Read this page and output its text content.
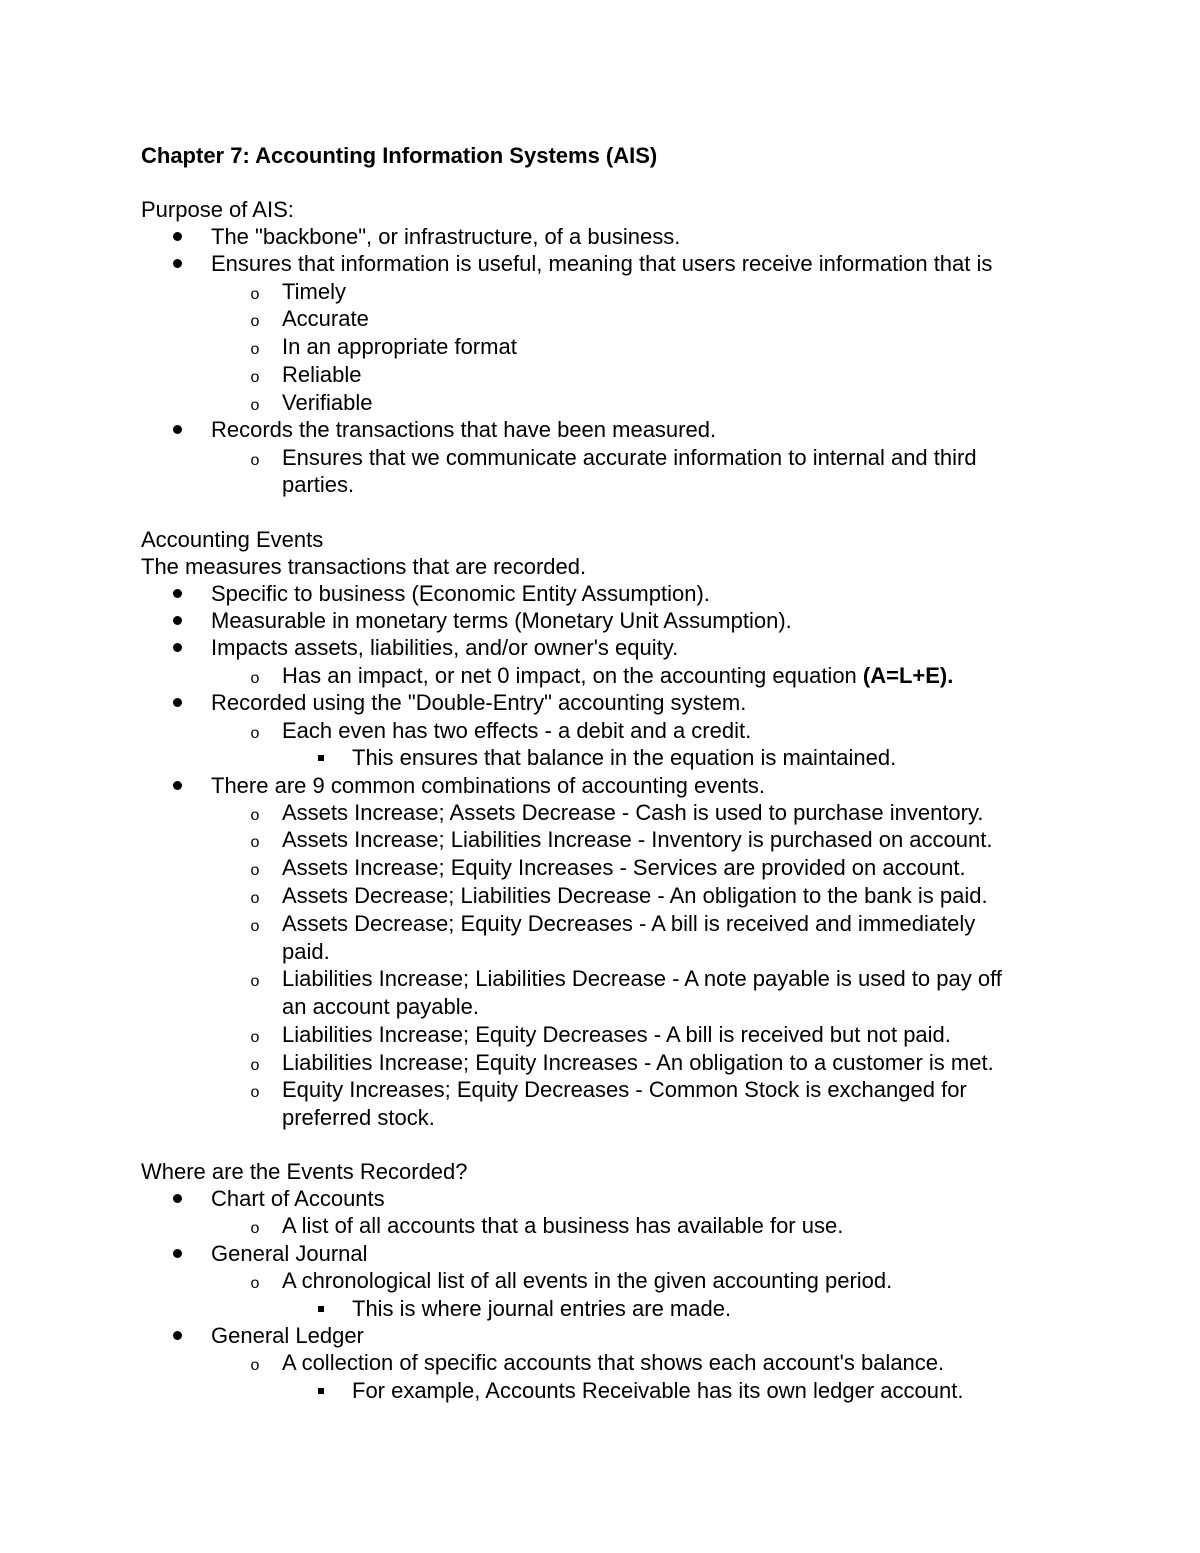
Chapter 7: Accounting Information Systems (AIS)
Purpose of AIS:
The "backbone", or infrastructure, of a business.
Ensures that information is useful, meaning that users receive information that is
o Timely
o Accurate
o In an appropriate format
o Reliable
o Verifiable
Records the transactions that have been measured.
o Ensures that we communicate accurate information to internal and third
parties.
Accounting Events
The measures transactions that are recorded.
Specific to business (Economic Entity Assumption).
Measurable in monetary terms (Monetary Unit Assumption).
Impacts assets, liabilities, and/or owner's equity.
o Has an impact, or net 0 impact, on the accounting equation (A=L+E).
Recorded using the "Double-Entry" accounting system.
o Each even has two effects - a debit and a credit.
This ensures that balance in the equation is maintained.
There are 9 common combinations of accounting events.
o Assets Increase; Assets Decrease - Cash is used to purchase inventory.
o Assets Increase; Liabilities Increase - Inventory is purchased on account.
o Assets Increase; Equity Increases - Services are provided on account.
o Assets Decrease; Liabilities Decrease - An obligation to the bank is paid.
o Assets Decrease; Equity Decreases - A bill is received and immediately
paid.
o Liabilities Increase; Liabilities Decrease - A note payable is used to pay off
an account payable.
o Liabilities Increase; Equity Decreases - A bill is received but not paid.
o Liabilities Increase; Equity Increases - An obligation to a customer is met.
o Equity Increases; Equity Decreases - Common Stock is exchanged for
preferred stock.
Where are the Events Recorded?
Chart of Accounts
o A list of all accounts that a business has available for use.
General Journal
o A chronological list of all events in the given accounting period.
This is where journal entries are made.
General Ledger
o A collection of specific accounts that shows each account's balance.
For example, Accounts Receivable has its own ledger account.
